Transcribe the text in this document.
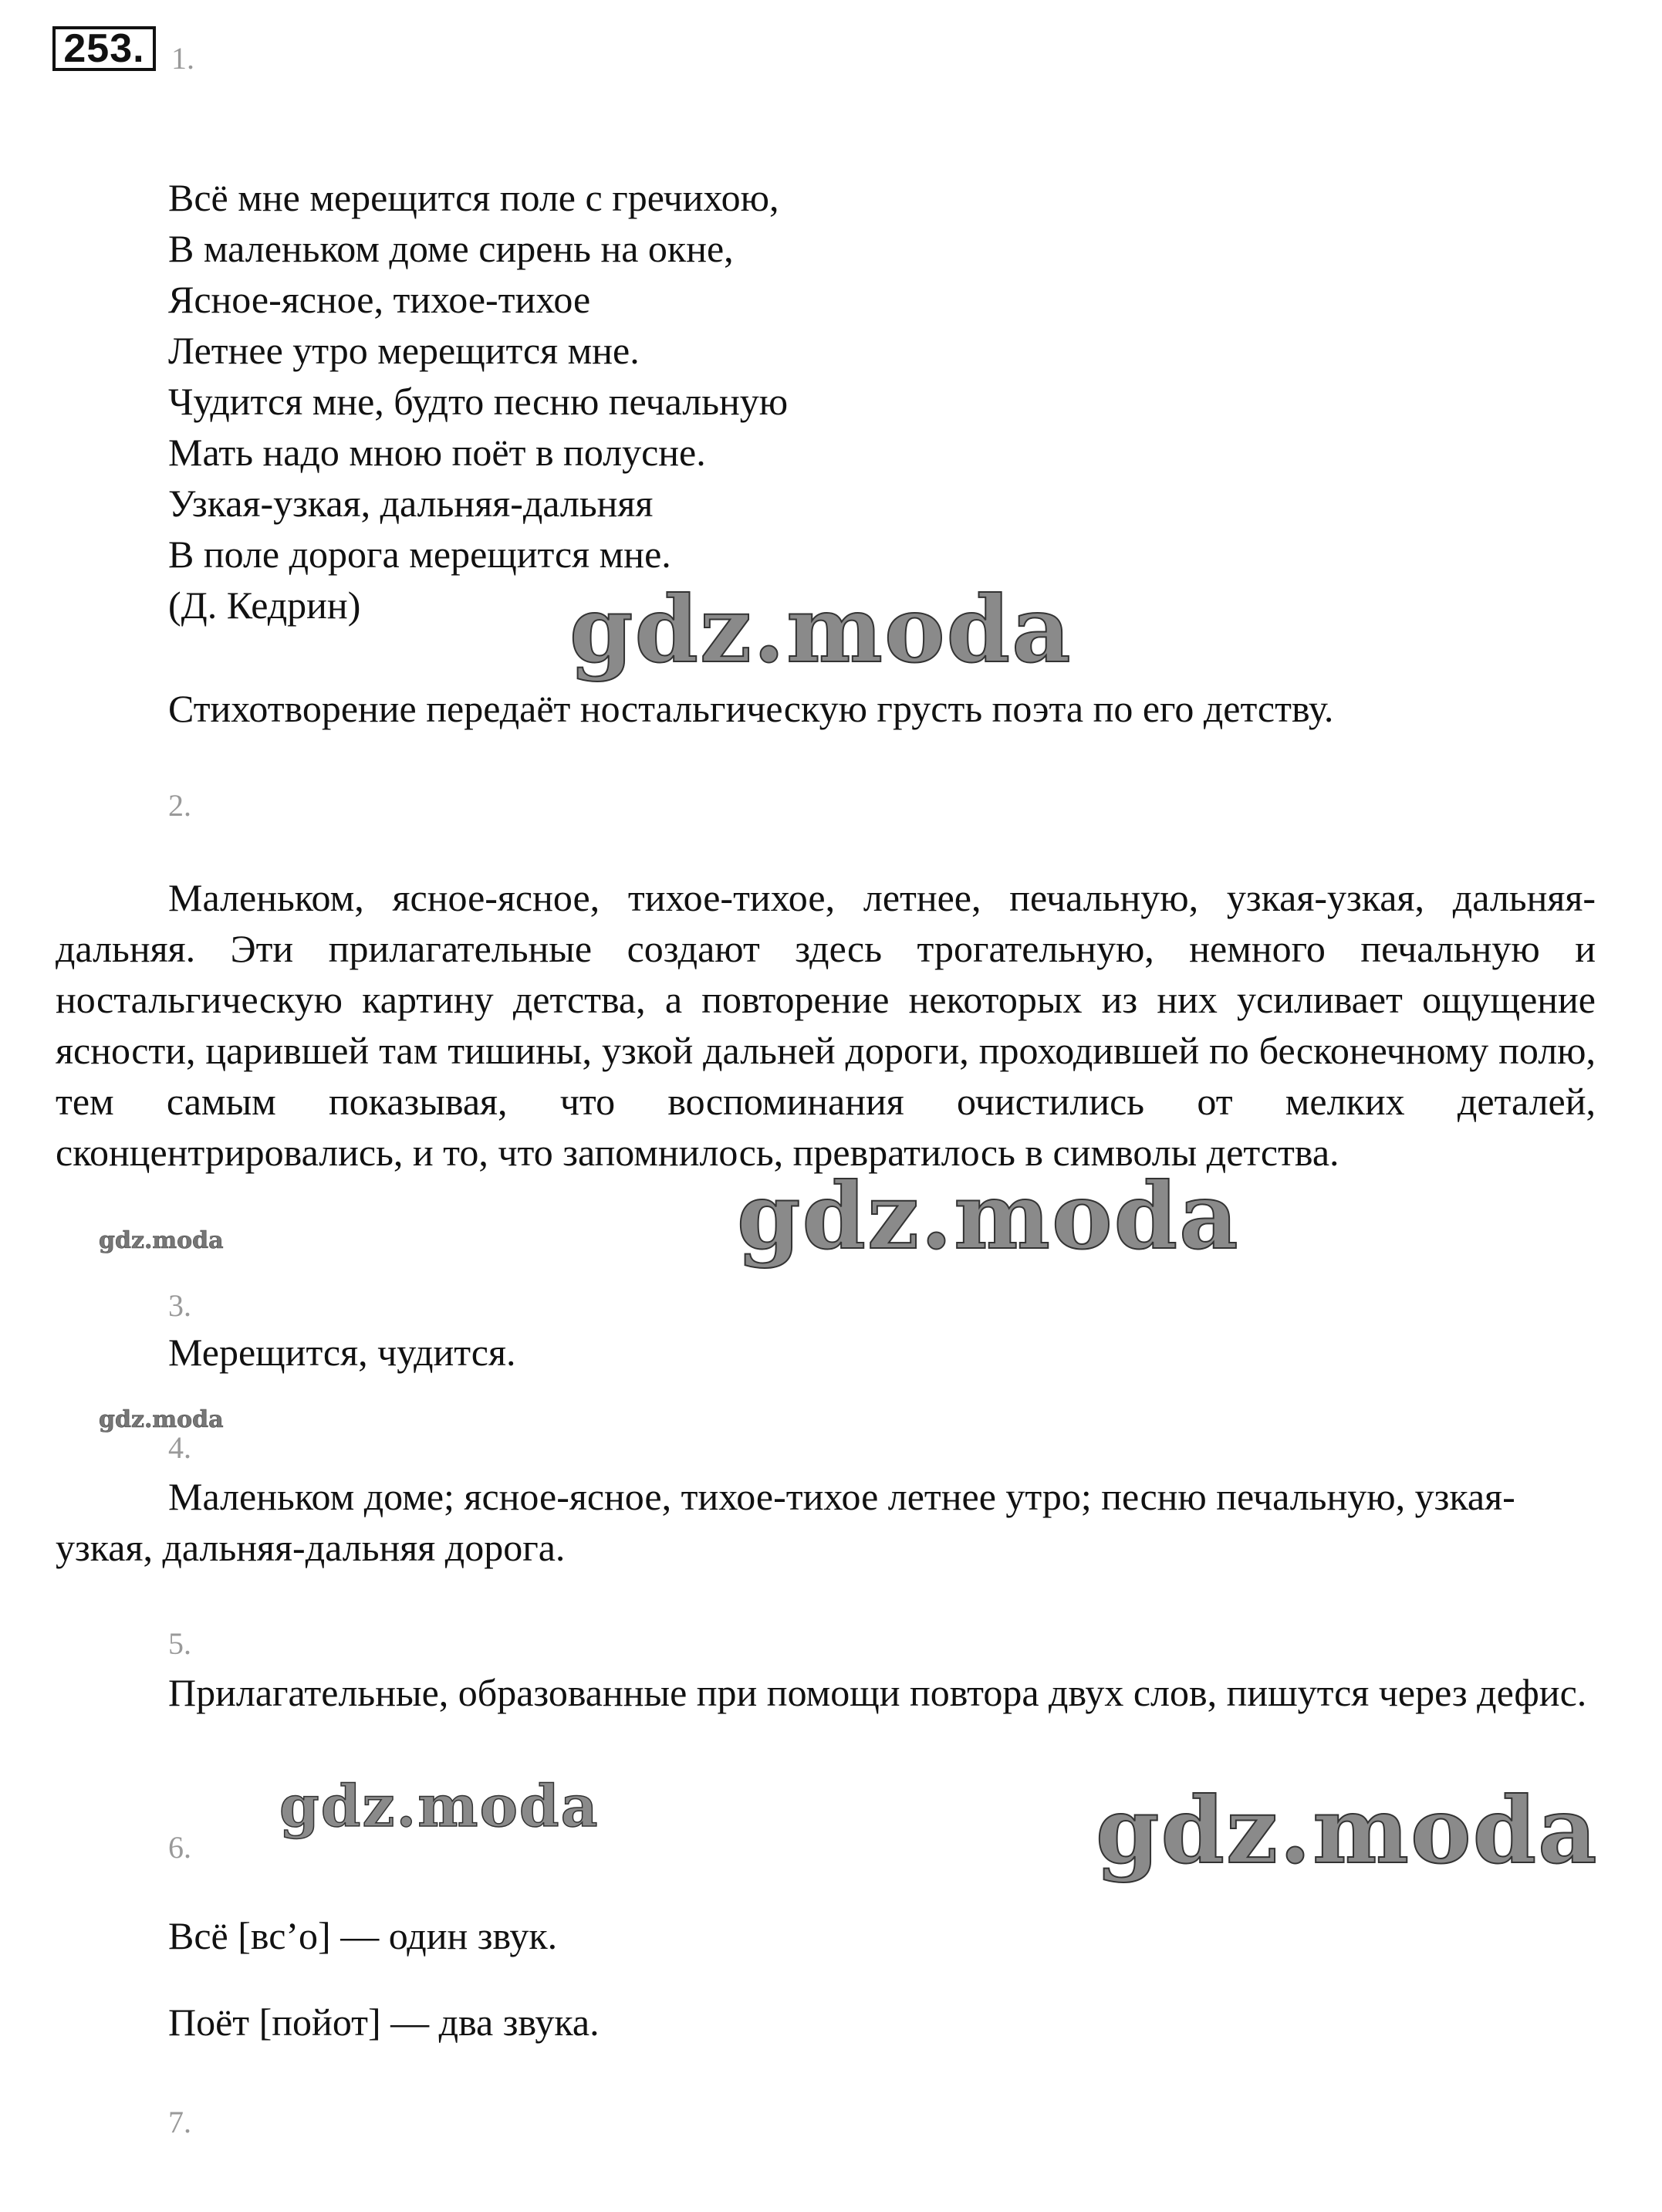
253. 1.
Всё мне мерещится поле с гречихою,
В маленьком доме сирень на окне,
Ясное-ясное, тихое-тихое
Летнее утро мерещится мне.
Чудится мне, будто песню печальную
Мать надо мною поёт в полусне.
Узкая-узкая, дальняя-дальняя
В поле дорога мерещится мне.
(Д. Кедрин) gdz.moda
Стихотворение передаёт ностальгическую грусть поэта по его детству.
2.
Маленьком, ясное-ясное, тихое-тихое, летнее, печальную, узкая-узкая, дальняя-дальняя. Эти прилагательные создают здесь трогательную, немного печальную и ностальгическую картину детства, а повторение некоторых из них усиливает ощущение ясности, царившей там тишины, узкой дальней дороги, проходившей по бесконечному полю, тем самым показывая, что воспоминания очистились от мелких деталей, сконцентрировались, и то, что запомнилось, превратилось в символы детства.
gdz.moda
gdz.moda
3.
Мерещится, чудится.
gdz.moda
4.
Маленьком доме; ясное-ясное, тихое-тихое летнее утро; песню печальную, узкая-узкая, дальняя-дальняя дорога.
5.
Прилагательные, образованные при помощи повтора двух слов, пишутся через дефис.
gdz.moda	gdz.moda
6.
Всё [вс’о] — один звук.
Поёт [пойот] — два звука.
7.
